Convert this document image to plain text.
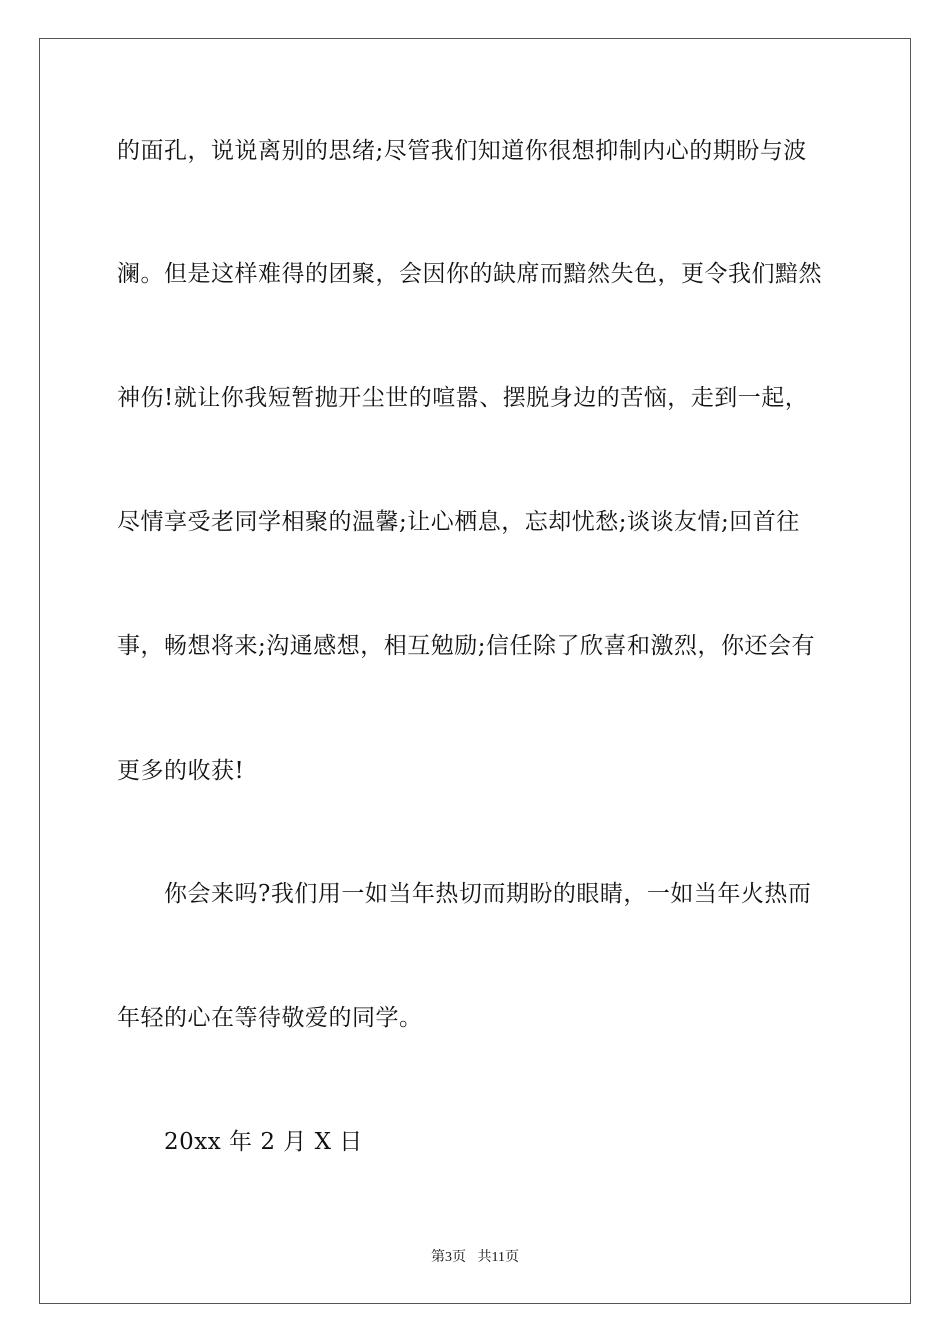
的面孔，说说离别的思绪;尽管我们知道你很想抑制内心的期盼与波

澜。但是这样难得的团聚，会因你的缺席而黯然失色，更令我们黯然

神伤!就让你我短暂抛开尘世的喧嚣、摆脱身边的苦恼，走到一起，

尽情享受老同学相聚的温馨;让心栖息，忘却忧愁;谈谈友情;回首往

事，畅想将来;沟通感想，相互勉励;信任除了欣喜和激烈，你还会有

更多的收获!

你会来吗?我们用一如当年热切而期盼的眼睛，一如当年火热而

年轻的心在等待敬爱的同学。

20xx 年 2 月 X 日

第3页 共11页
